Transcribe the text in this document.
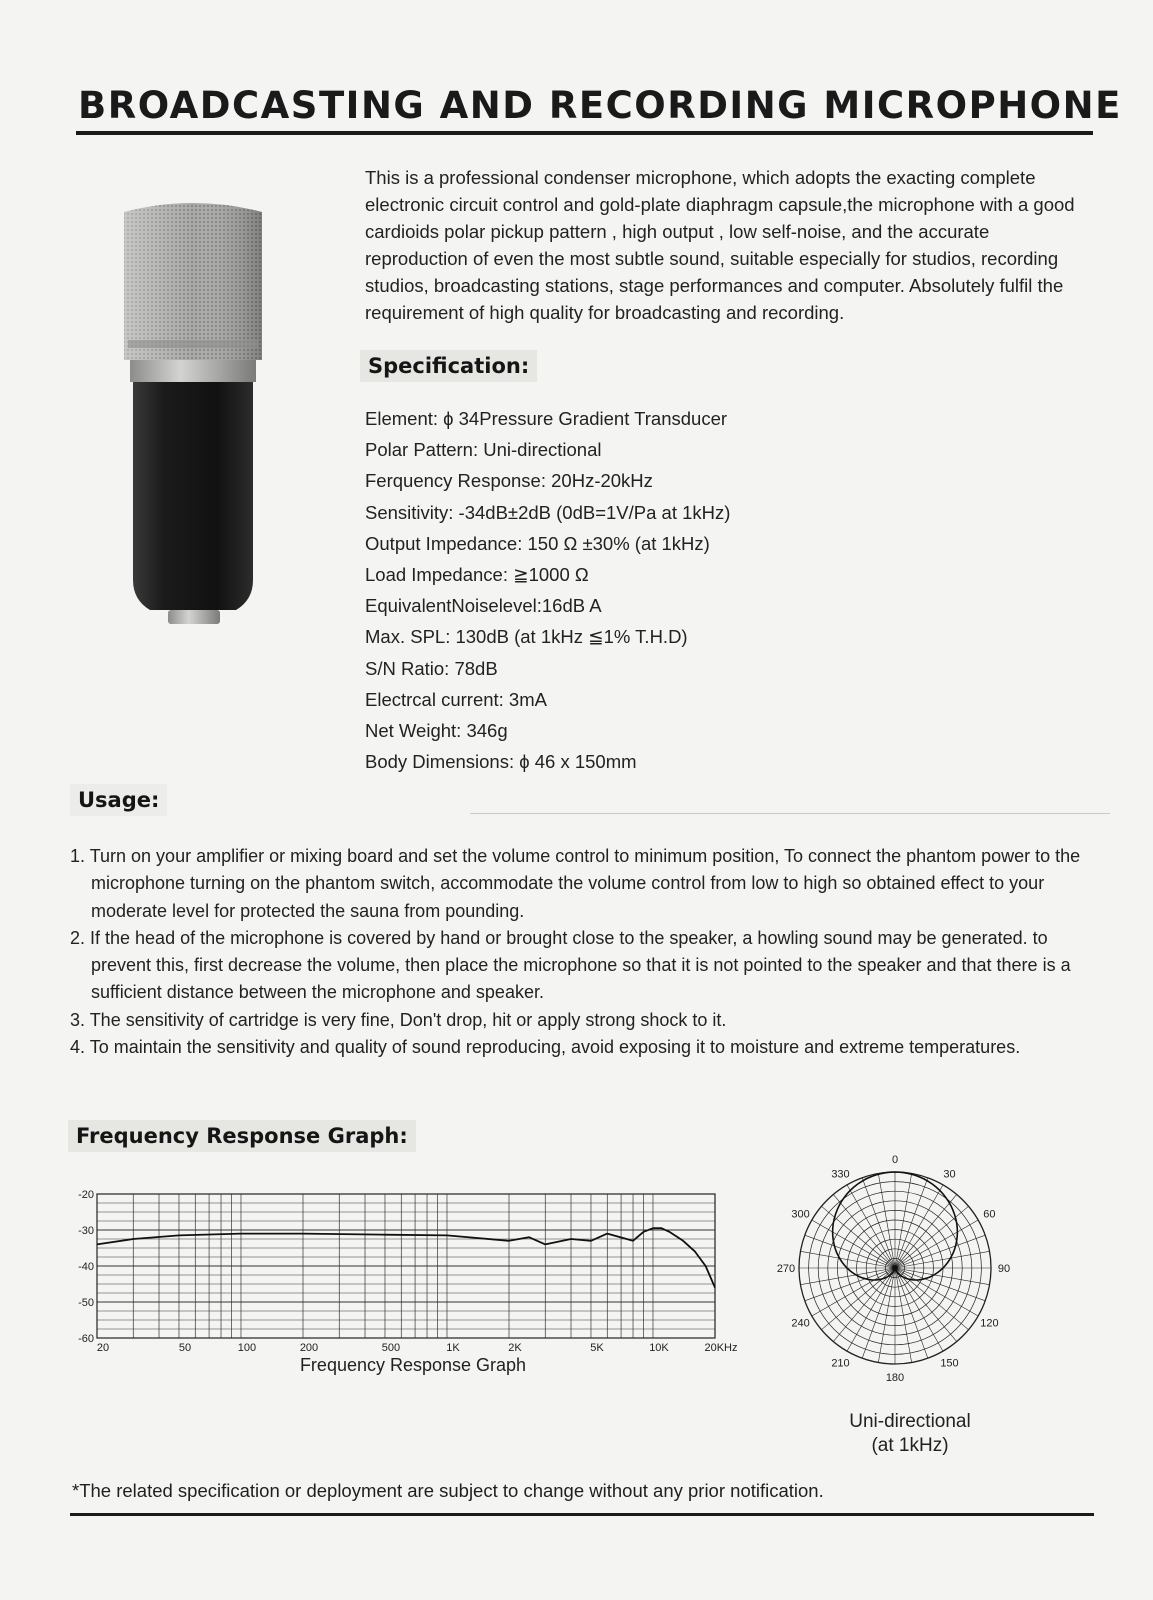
BROADCASTING AND RECORDING MICROPHONE

This is a professional condenser microphone, which adopts the exacting complete electronic circuit control and gold-plate diaphragm capsule,the microphone with a good cardioids polar pickup pattern , high output , low self-noise, and the accurate reproduction of even the most subtle sound, suitable especially for studios, recording studios, broadcasting stations, stage performances and computer. Absolutely fulfil the requirement of high quality for broadcasting and recording.

Specification:
Element: ϕ 34Pressure Gradient Transducer
Polar Pattern: Uni-directional
Ferquency Response: 20Hz-20kHz
Sensitivity: -34dB±2dB (0dB=1V/Pa at 1kHz)
Output Impedance: 150 Ω ±30% (at 1kHz)
Load Impedance: ≧1000 Ω
EquivalentNoiselevel:16dB A
Max. SPL: 130dB (at 1kHz ≦1% T.H.D)
S/N Ratio: 78dB
Electrcal current: 3mA
Net Weight: 346g
Body Dimensions: ϕ 46 x 150mm
Usage:
1. Turn on your amplifier or mixing board and set the volume control to minimum position, To connect the phantom power to the microphone turning on the phantom switch, accommodate the volume control from low to high so obtained effect to your moderate level for protected the sauna from pounding.
2. If the head of the microphone is covered by hand or brought close to the speaker, a howling sound may be generated. to prevent this, first decrease the volume, then place the microphone so that it is not pointed to the speaker and that there is a sufficient distance between the microphone and speaker.
3. The sensitivity of cartridge is very fine, Don't drop, hit or apply strong shock to it.
4. To maintain the sensitivity and quality of sound reproducing, avoid exposing it to moisture and extreme temperatures.
Frequency Response Graph:
-20
-30
-40
-50
-60
20	50	100	200	500	1K	2K	5K	10K	20KHz
Frequency Response Graph
0
30
60
90
120
150
180
210
240
270
300
330
Uni-directional
(at 1kHz)

*The related specification or deployment are subject to change without any prior notification.
